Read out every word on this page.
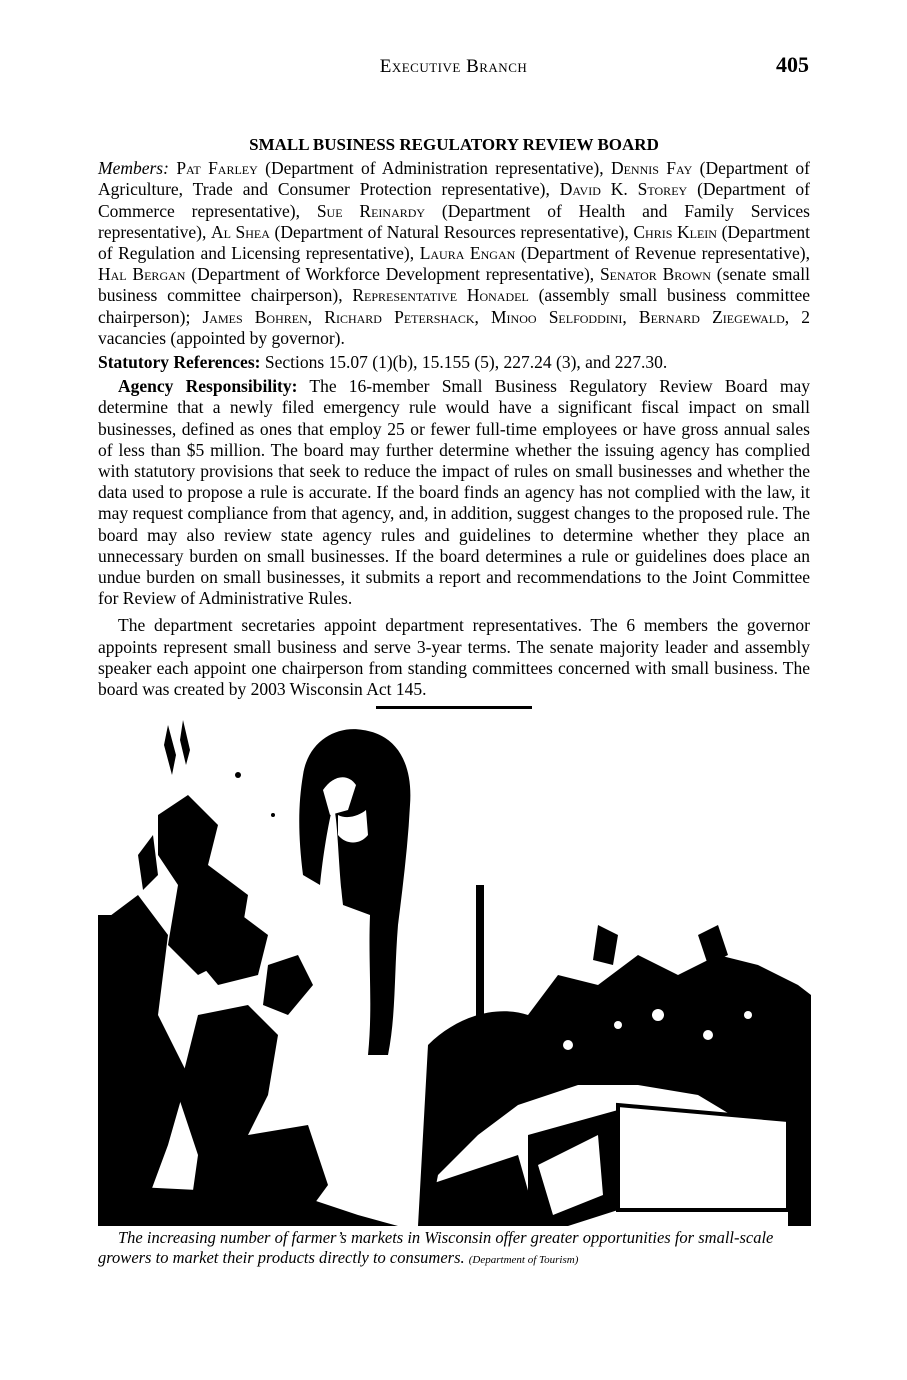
Executive Branch	405
SMALL BUSINESS REGULATORY REVIEW BOARD

Members: Pat Farley (Department of Administration representative), Dennis Fay (Department of Agriculture, Trade and Consumer Protection representative), David K. Storey (Department of Commerce representative), Sue Reinardy (Department of Health and Family Services representative), Al Shea (Department of Natural Resources representative), Chris Klein (Department of Regulation and Licensing representative), Laura Engan (Department of Revenue representative), Hal Bergan (Department of Workforce Development representative), Senator Brown (senate small business committee chairperson), Representative Honadel (assembly small business committee chairperson); James Bohren, Richard Petershack, Minoo Selfoddini, Bernard Ziegewald, 2 vacancies (appointed by governor).

Statutory References: Sections 15.07 (1)(b), 15.155 (5), 227.24 (3), and 227.30.

Agency Responsibility: The 16-member Small Business Regulatory Review Board may determine that a newly filed emergency rule would have a significant fiscal impact on small businesses, defined as ones that employ 25 or fewer full-time employees or have gross annual sales of less than $5 million. The board may further determine whether the issuing agency has complied with statutory provisions that seek to reduce the impact of rules on small businesses and whether the data used to propose a rule is accurate. If the board finds an agency has not complied with the law, it may request compliance from that agency, and, in addition, suggest changes to the proposed rule. The board may also review state agency rules and guidelines to determine whether they place an unnecessary burden on small businesses. If the board determines a rule or guidelines does place an undue burden on small businesses, it submits a report and recommendations to the Joint Committee for Review of Administrative Rules.

The department secretaries appoint department representatives. The 6 members the governor appoints represent small business and serve 3-year terms. The senate majority leader and assembly speaker each appoint one chairperson from standing committees concerned with small business. The board was created by 2003 Wisconsin Act 145.

The increasing number of farmer’s markets in Wisconsin offer greater opportunities for small-scale
growers to market their products directly to consumers. (Department of Tourism)
